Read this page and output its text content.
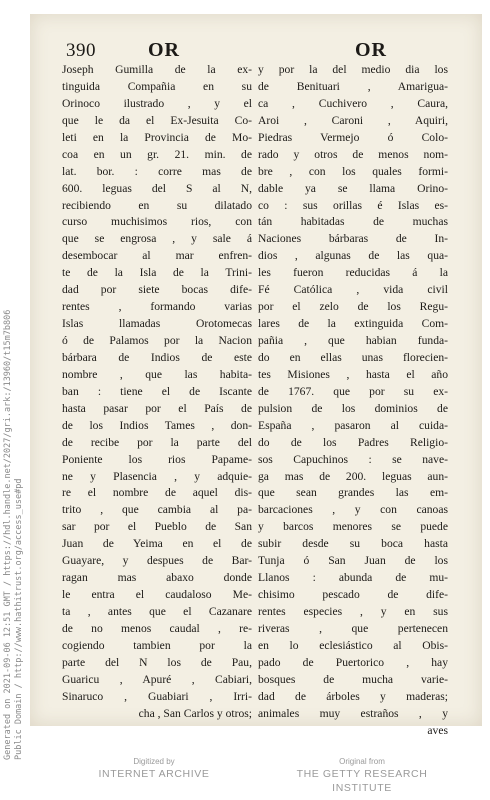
390	OR	OR
Joseph Gumilla de la ex-
tinguida Compañia en su
Orinoco ilustrado , y el
que le da el Ex-Jesuita Co-
leti en la Provincia de Mo-
coa en un gr. 21. min. de
lat. bor. : corre mas de
600. leguas del S al N,
recibiendo en su dilatado
curso muchisimos rios, con
que se engrosa , y sale á
desembocar al mar enfren-
te de la Isla de la Trini-
dad por siete bocas dife-
rentes , formando varias
Islas llamadas Orotomecas
ó de Palamos por la Nacion
bárbara de Indios de este
nombre , que las habita-
ban : tiene el de Iscante
hasta pasar por el País de
de los Indios Tames , don-
de recibe por la parte del
Poniente los rios Papame-
ne y Plasencia , y adquie-
re el nombre de aquel dis-
trito , que cambia al pa-
sar por el Pueblo de San
Juan de Yeima en el de
Guayare, y despues de Bar-
ragan mas abaxo donde
le entra el caudaloso Me-
ta , antes que el Cazanare
de no menos caudal , re-
cogiendo tambien por la
parte del N los de Pau,
Guaricu , Apuré , Cabiari,
Sinaruco , Guabiari , Irri-
cha , San Carlos y otros;
y por la del medio dia los
de Benituari , Amarigua-
ca , Cuchivero , Caura,
Aroi , Caroni , Aquiri,
Piedras Vermejo ó Colo-
rado y otros de menos nom-
bre , con los quales formi-
dable ya se llama Orino-
co : sus orillas é Islas es-
tán habitadas de muchas
Naciones bárbaras de In-
dios , algunas de las qua-
les fueron reducidas á la
Fé Católica , vida civil
por el zelo de los Regu-
lares de la extinguida Com-
pañia , que habian funda-
do en ellas unas florecien-
tes Misiones , hasta el año
de 1767. que por su ex-
pulsion de los dominios de
España , pasaron al cuida-
do de los Padres Religio-
sos Capuchinos : se nave-
ga mas de 200. leguas aun-
que sean grandes las em-
barcaciones , y con canoas
y barcos menores se puede
subir desde su boca hasta
Tunja ó San Juan de los
Llanos : abunda de mu-
chisimo pescado de dife-
rentes especies , y en sus
riveras , que pertenecen
en lo eclesiástico al Obis-
pado de Puertorico , hay
bosques de mucha varie-
dad de árboles y maderas;
animales muy estraños , y
aves
Generated on 2021-09-06 12:51 GMT / https://hdl.handle.net/2027/gri.ark:/13960/t15m7b806
Public Domain / http://www.hathitrust.org/access_use#pd
Digitized by
INTERNET ARCHIVE
Original from
THE GETTY RESEARCH INSTITUTE
